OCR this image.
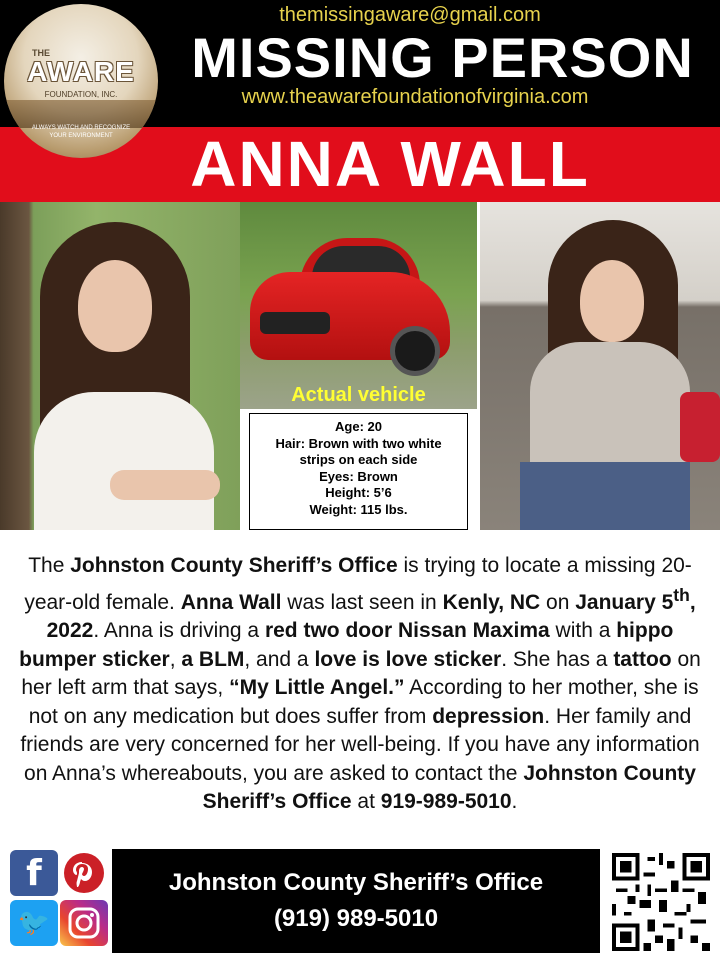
themissingaware@gmail.com
MISSING PERSON
www.theawarefoundationofvirginia.com
ANNA WALL
THE
AWARE
FOUNDATION, INC.
ALWAYS WATCH AND RECOGNIZE YOUR ENVIRONMENT
Actual vehicle
Age: 20
Hair: Brown with two white
strips on each side
Eyes: Brown
Height: 5’6
Weight: 115 lbs.
The Johnston County Sheriff’s Office is trying to locate a missing 20-year-old female. Anna Wall was last seen in Kenly, NC on January 5th, 2022. Anna is driving a red two door Nissan Maxima with a hippo bumper sticker, a BLM, and a love is love sticker. She has a tattoo on her left arm that says, “My Little Angel.” According to her mother, she is not on any medication but does suffer from depression. Her family and friends are very concerned for her well-being. If you have any information on Anna’s whereabouts, you are asked to contact the Johnston County Sheriff’s Office at 919-989-5010.
f
🐦
Johnston County Sheriff’s Office
(919) 989-5010
